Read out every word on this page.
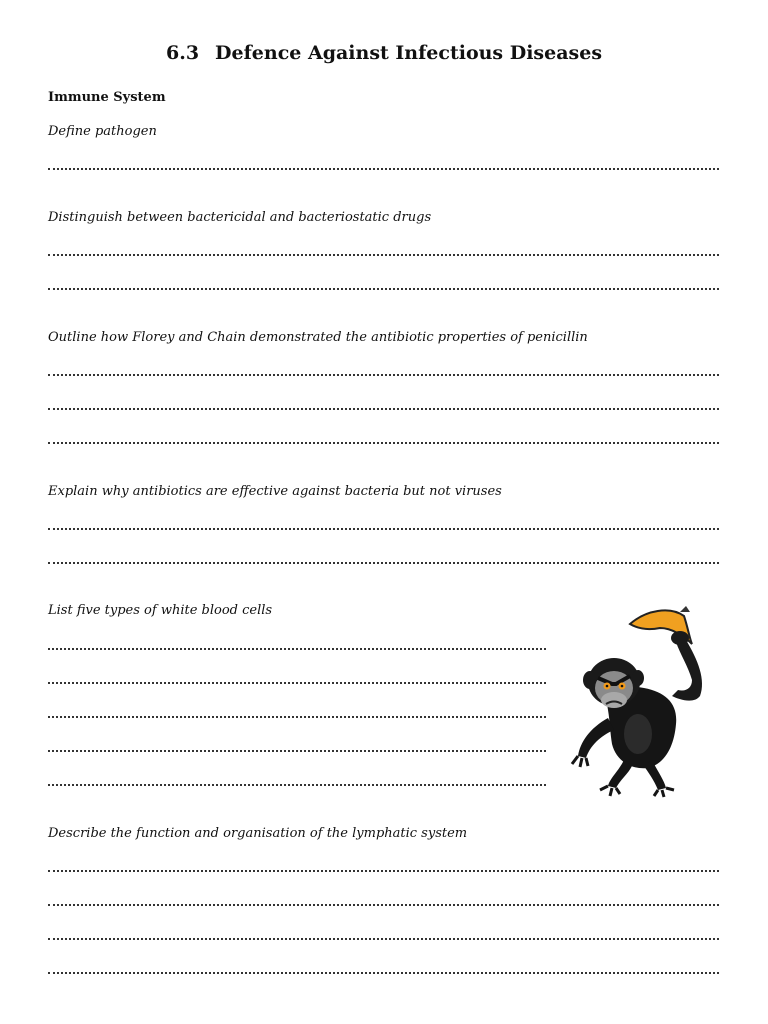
6.3 Defence Against Infectious Diseases
Immune System
Define pathogen
Distinguish between bactericidal and bacteriostatic drugs
Outline how Florey and Chain demonstrated the antibiotic properties of penicillin
Explain why antibiotics are effective against bacteria but not viruses
List five types of white blood cells
Describe the function and organisation of the lymphatic system
